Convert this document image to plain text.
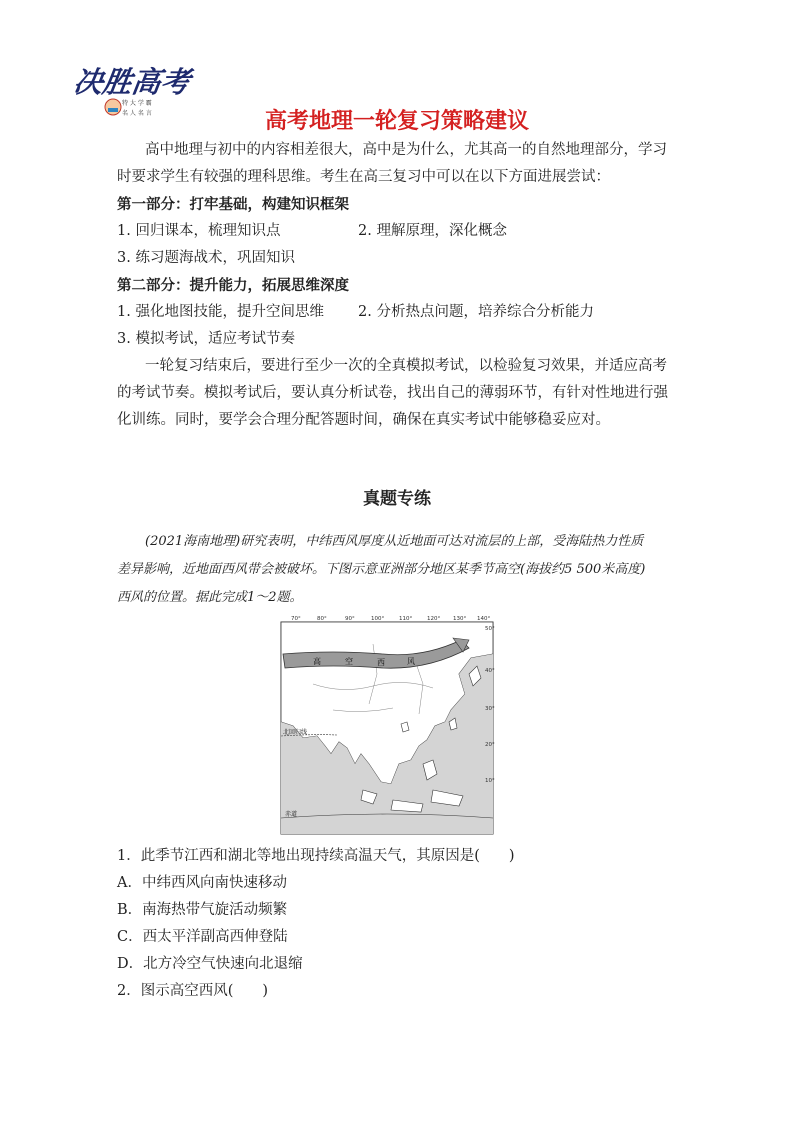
决胜高考
特 大 学 霸
名 人 名 言	高考地理一轮复习策略建议
高中地理与初中的内容相差很大，高中是为什么，尤其高一的自然地理部分，学习
时要求学生有较强的理科思维。考生在高三复习中可以在以下方面进展尝试：
第一部分：打牢基础，构建知识框架
1. 回归课本，梳理知识点	2. 理解原理，深化概念
3. 练习题海战术，巩固知识
第二部分：提升能力，拓展思维深度
1. 强化地图技能，提升空间思维 2. 分析热点问题，培养综合分析能力
3. 模拟考试，适应考试节奏
一轮复习结束后，要进行至少一次的全真模拟考试，以检验复习效果，并适应高考
的考试节奏。模拟考试后，要认真分析试卷，找出自己的薄弱环节，有针对性地进行强
化训练。同时，要学会合理分配答题时间，确保在真实考试中能够稳妥应对。
真题专练
(2021海南地理)研究表明，中纬西风厚度从近地面可达对流层的上部，受海陆热力性质
差异影响，近地面西风带会被破坏。下图示意亚洲部分地区某季节高空(海拔约5 500米高度)
西风的位置。据此完成1～2题。
高	空	西	风
北回归线
赤道
70°	80°	90°	100°	110°	120° 130° 140°
50°
40°
30°
20°
10°
1．此季节江西和湖北等地出现持续高温天气，其原因是(　　)
A．中纬西风向南快速移动
B．南海热带气旋活动频繁
C．西太平洋副高西伸登陆
D．北方冷空气快速向北退缩
2．图示高空西风(　　)
